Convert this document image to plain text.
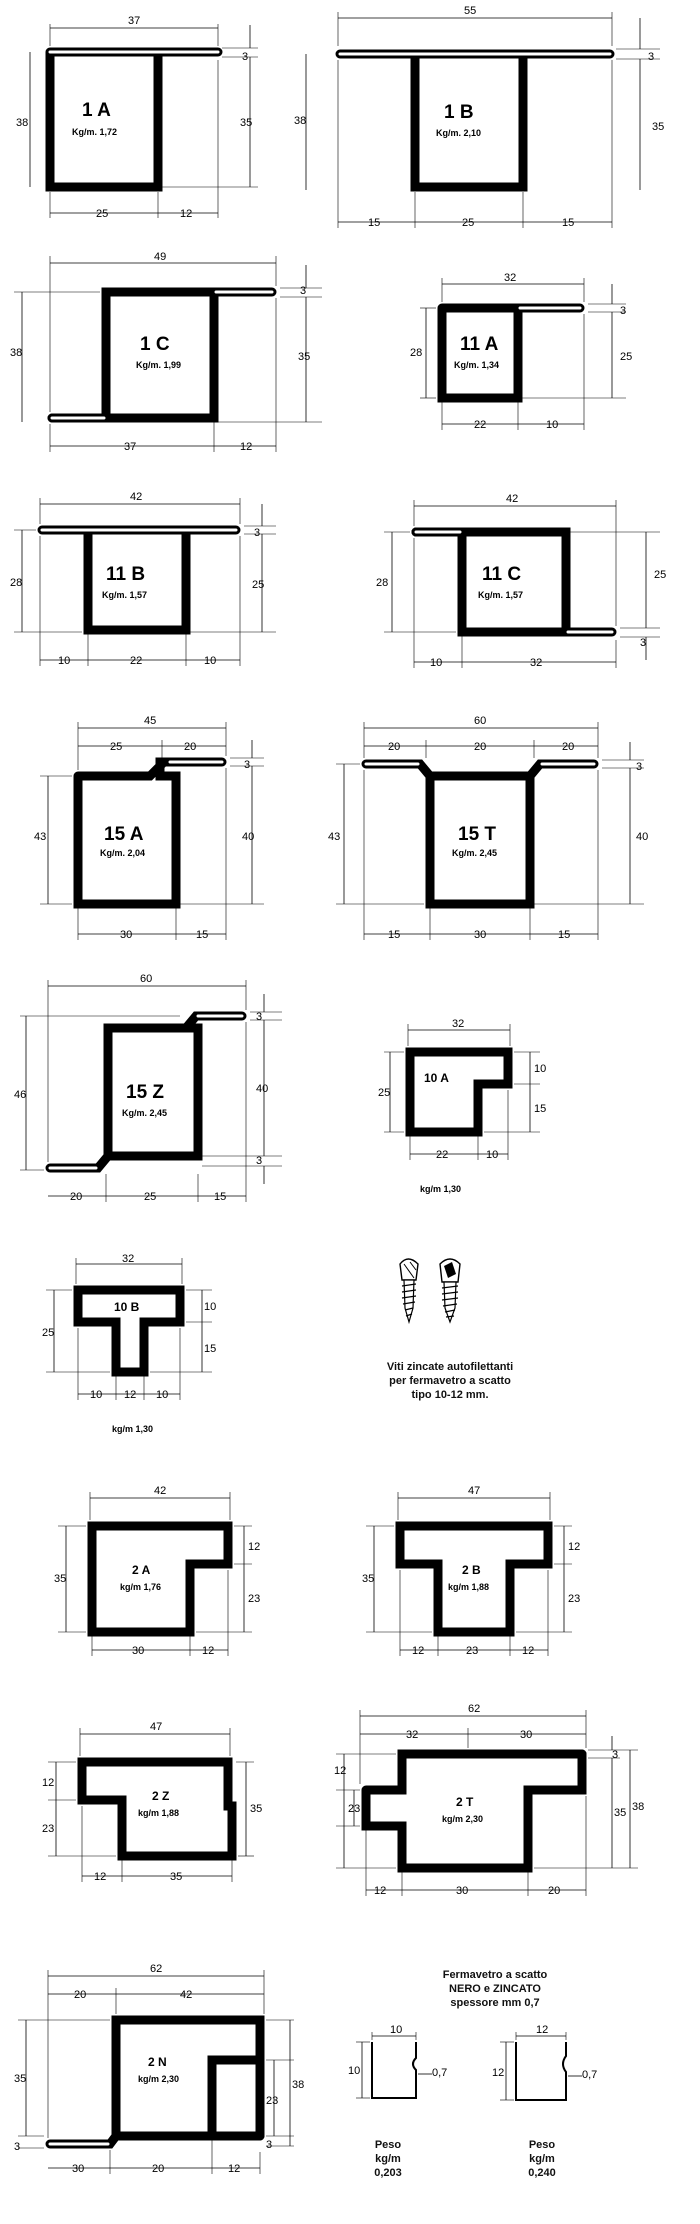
37
3
38	35
25	12
1 A
Kg/m. 1,72
55
3
38	35
15	25	15
1 B
Kg/m. 2,10
49
3
38	35
37	12
1 C
Kg/m. 1,99
32
3
28	25
22	10
11 A
Kg/m. 1,34
42
3
28	25
10	22	10
11 B
Kg/m. 1,57
42
3
28
25
10	32
11 C
Kg/m. 1,57
45
25	20
3
43	40
30	15
15 A
Kg/m. 2,04
60
20	20	20
3
43	40
15	30	15
15 T
Kg/m. 2,45
60
3
46	40
3
20	25	15
15 Z
Kg/m. 2,45
32
10
25
15
22	10
10 A
kg/m 1,30
32
10
25
15
10 12 10
10 B
kg/m 1,30
Viti zincate autofilettanti
per fermavetro a scatto
tipo 10-12 mm.
42
12
35
23
30	12
2 A
kg/m 1,76
47
12
35
23
12	23	12
2 B
kg/m 1,88
47
12
23
35
12	35
2 Z
kg/m 1,88
62
32	30
3
12
23	35 38
12	30	20
2 T
kg/m 2,30
62
20	42
35
3
23
3
38
30	20	12
2 N
kg/m 2,30
Fermavetro a scatto
NERO e ZINCATO
spessore mm 0,7
10
10	0,7
12
12	0,7
Peso
kg/m
0,203
Peso
kg/m
0,240
